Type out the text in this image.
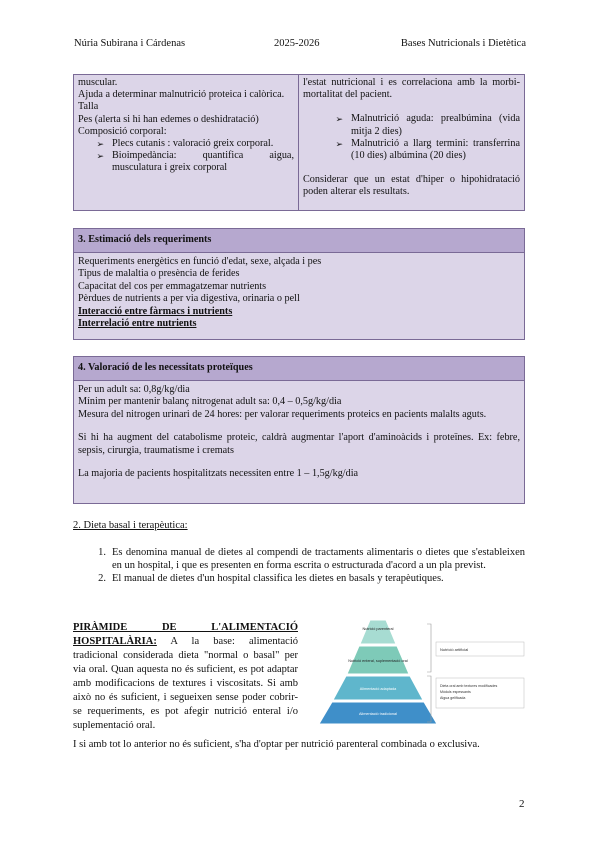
Núria Subirana i Cárdenas	2025-2026	Bases Nutricionals i Dietètica
muscular.
Ajuda a determinar malnutrició proteica i calòrica.
Talla
Pes (alerta si hi han edemes o deshidratació)
Composició corporal:
➢ Plecs cutanis : valoració greix corporal.
➢ Bioimpedància: quantifica aigua, musculatura i greix corporal
l'estat nutricional i es correlaciona amb la morbi-mortalitat del pacient.
➢ Malnutrició aguda: prealbúmina (vida mitja 2 dies)
➢ Malnutrició a llarg termini: transferrina (10 dies) albúmina (20 dies)
Considerar que un estat d'hiper o hipohidratació poden alterar els resultats.
3. Estimació dels requeriments
Requeriments energètics en funció d'edat, sexe, alçada i pes
Tipus de malaltia o presència de ferides
Capacitat del cos per emmagatzemar nutrients
Pèrdues de nutrients a per via digestiva, orinaria o pell
Interacció entre fàrmacs i nutrients
Interrelació entre nutrients
4. Valoració de les necessitats proteïques
Per un adult sa: 0,8g/kg/dia
Mínim per mantenir balanç nitrogenat adult sa: 0,4 – 0,5g/kg/dia
Mesura del nitrogen urinari de 24 hores: per valorar requeriments proteics en pacients malalts aguts.
Si hi ha augment del catabolisme proteic, caldrà augmentar l'aport d'aminoàcids i proteïnes. Ex: febre, sepsis, cirurgia, traumatisme i cremats
La majoria de pacients hospitalitzats necessiten entre 1 – 1,5g/kg/dia
2. Dieta basal i terapèutica:
1. Es denomina manual de dietes al compendi de tractaments alimentaris o dietes que s'estableixen en un hospital, i que es presenten en forma escrita o estructurada d'acord a un pla previst.
2. El manual de dietes d'un hospital classifica les dietes en basals y terapèutiques.
PIRÀMIDE DE L'ALIMENTACIÓ HOSPITALÀRIA: A la base: alimentació tradicional considerada dieta "normal o basal" per via oral. Quan aquesta no és suficient, es pot adaptar amb modificacions de textures i viscositats. Si amb això no és suficient, i segueixen sense poder cobrir-se requeriments, es pot afegir nutrició enteral i/o suplementació oral.
Nutrició parenteral
Nutrició enteral, suplementació oral
Alimentació adaptada
Alimentació tradicional
Nutrició artificial
Dieta oral amb textures modificades
Mòduls espessants
Aigua gelificada
I si amb tot lo anterior no és suficient, s'ha d'optar per nutrició parenteral combinada o exclusiva.
2
